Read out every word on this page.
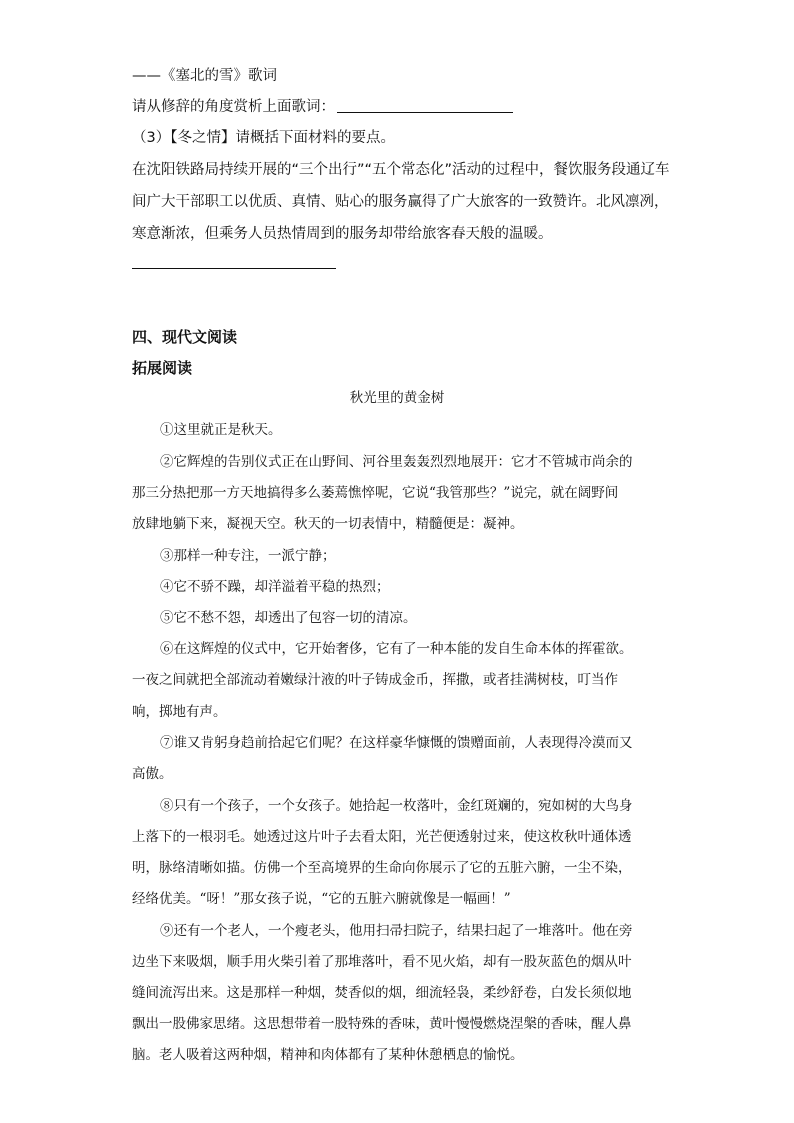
——《塞北的雪》歌词
请从修辞的角度赏析上面歌词：
（3）【冬之情】请概括下面材料的要点。
在沈阳铁路局持续开展的“三个出行”“五个常态化”活动的过程中，餐饮服务段通辽车
间广大干部职工以优质、真情、贴心的服务赢得了广大旅客的一致赞许。北风凛冽，
寒意渐浓，但乘务人员热情周到的服务却带给旅客春天般的温暖。
四、现代文阅读
拓展阅读
秋光里的黄金树
①这里就正是秋天。
②它辉煌的告别仪式正在山野间、河谷里轰轰烈烈地展开：它才不管城市尚余的
那三分热把那一方天地搞得多么萎蔫憔悴呢，它说“我管那些？”说完，就在阔野间
放肆地躺下来，凝视天空。秋天的一切表情中，精髓便是：凝神。
③那样一种专注，一派宁静；
④它不骄不躁，却洋溢着平稳的热烈；
⑤它不愁不怨，却透出了包容一切的清凉。
⑥在这辉煌的仪式中，它开始奢侈，它有了一种本能的发自生命本体的挥霍欲。
一夜之间就把全部流动着嫩绿汁液的叶子铸成金币，挥撒，或者挂满树枝，叮当作
响，掷地有声。
⑦谁又肯躬身趋前拾起它们呢？在这样豪华慷慨的馈赠面前，人表现得冷漠而又
高傲。
⑧只有一个孩子，一个女孩子。她拾起一枚落叶，金红斑斓的，宛如树的大鸟身
上落下的一根羽毛。她透过这片叶子去看太阳，光芒便透射过来，使这枚秋叶通体透
明，脉络清晰如描。仿佛一个至高境界的生命向你展示了它的五脏六腑，一尘不染，
经络优美。“呀！”那女孩子说，“它的五脏六腑就像是一幅画！”
⑨还有一个老人，一个瘦老头，他用扫帚扫院子，结果扫起了一堆落叶。他在旁
边坐下来吸烟，顺手用火柴引着了那堆落叶，看不见火焰，却有一股灰蓝色的烟从叶
缝间流泻出来。这是那样一种烟，焚香似的烟，细流轻袅，柔纱舒卷，白发长须似地
飘出一股佛家思绪。这思想带着一股特殊的香味，黄叶慢慢燃烧涅槃的香味，醒人鼻
脑。老人吸着这两种烟，精神和肉体都有了某种休憩栖息的愉悦。
